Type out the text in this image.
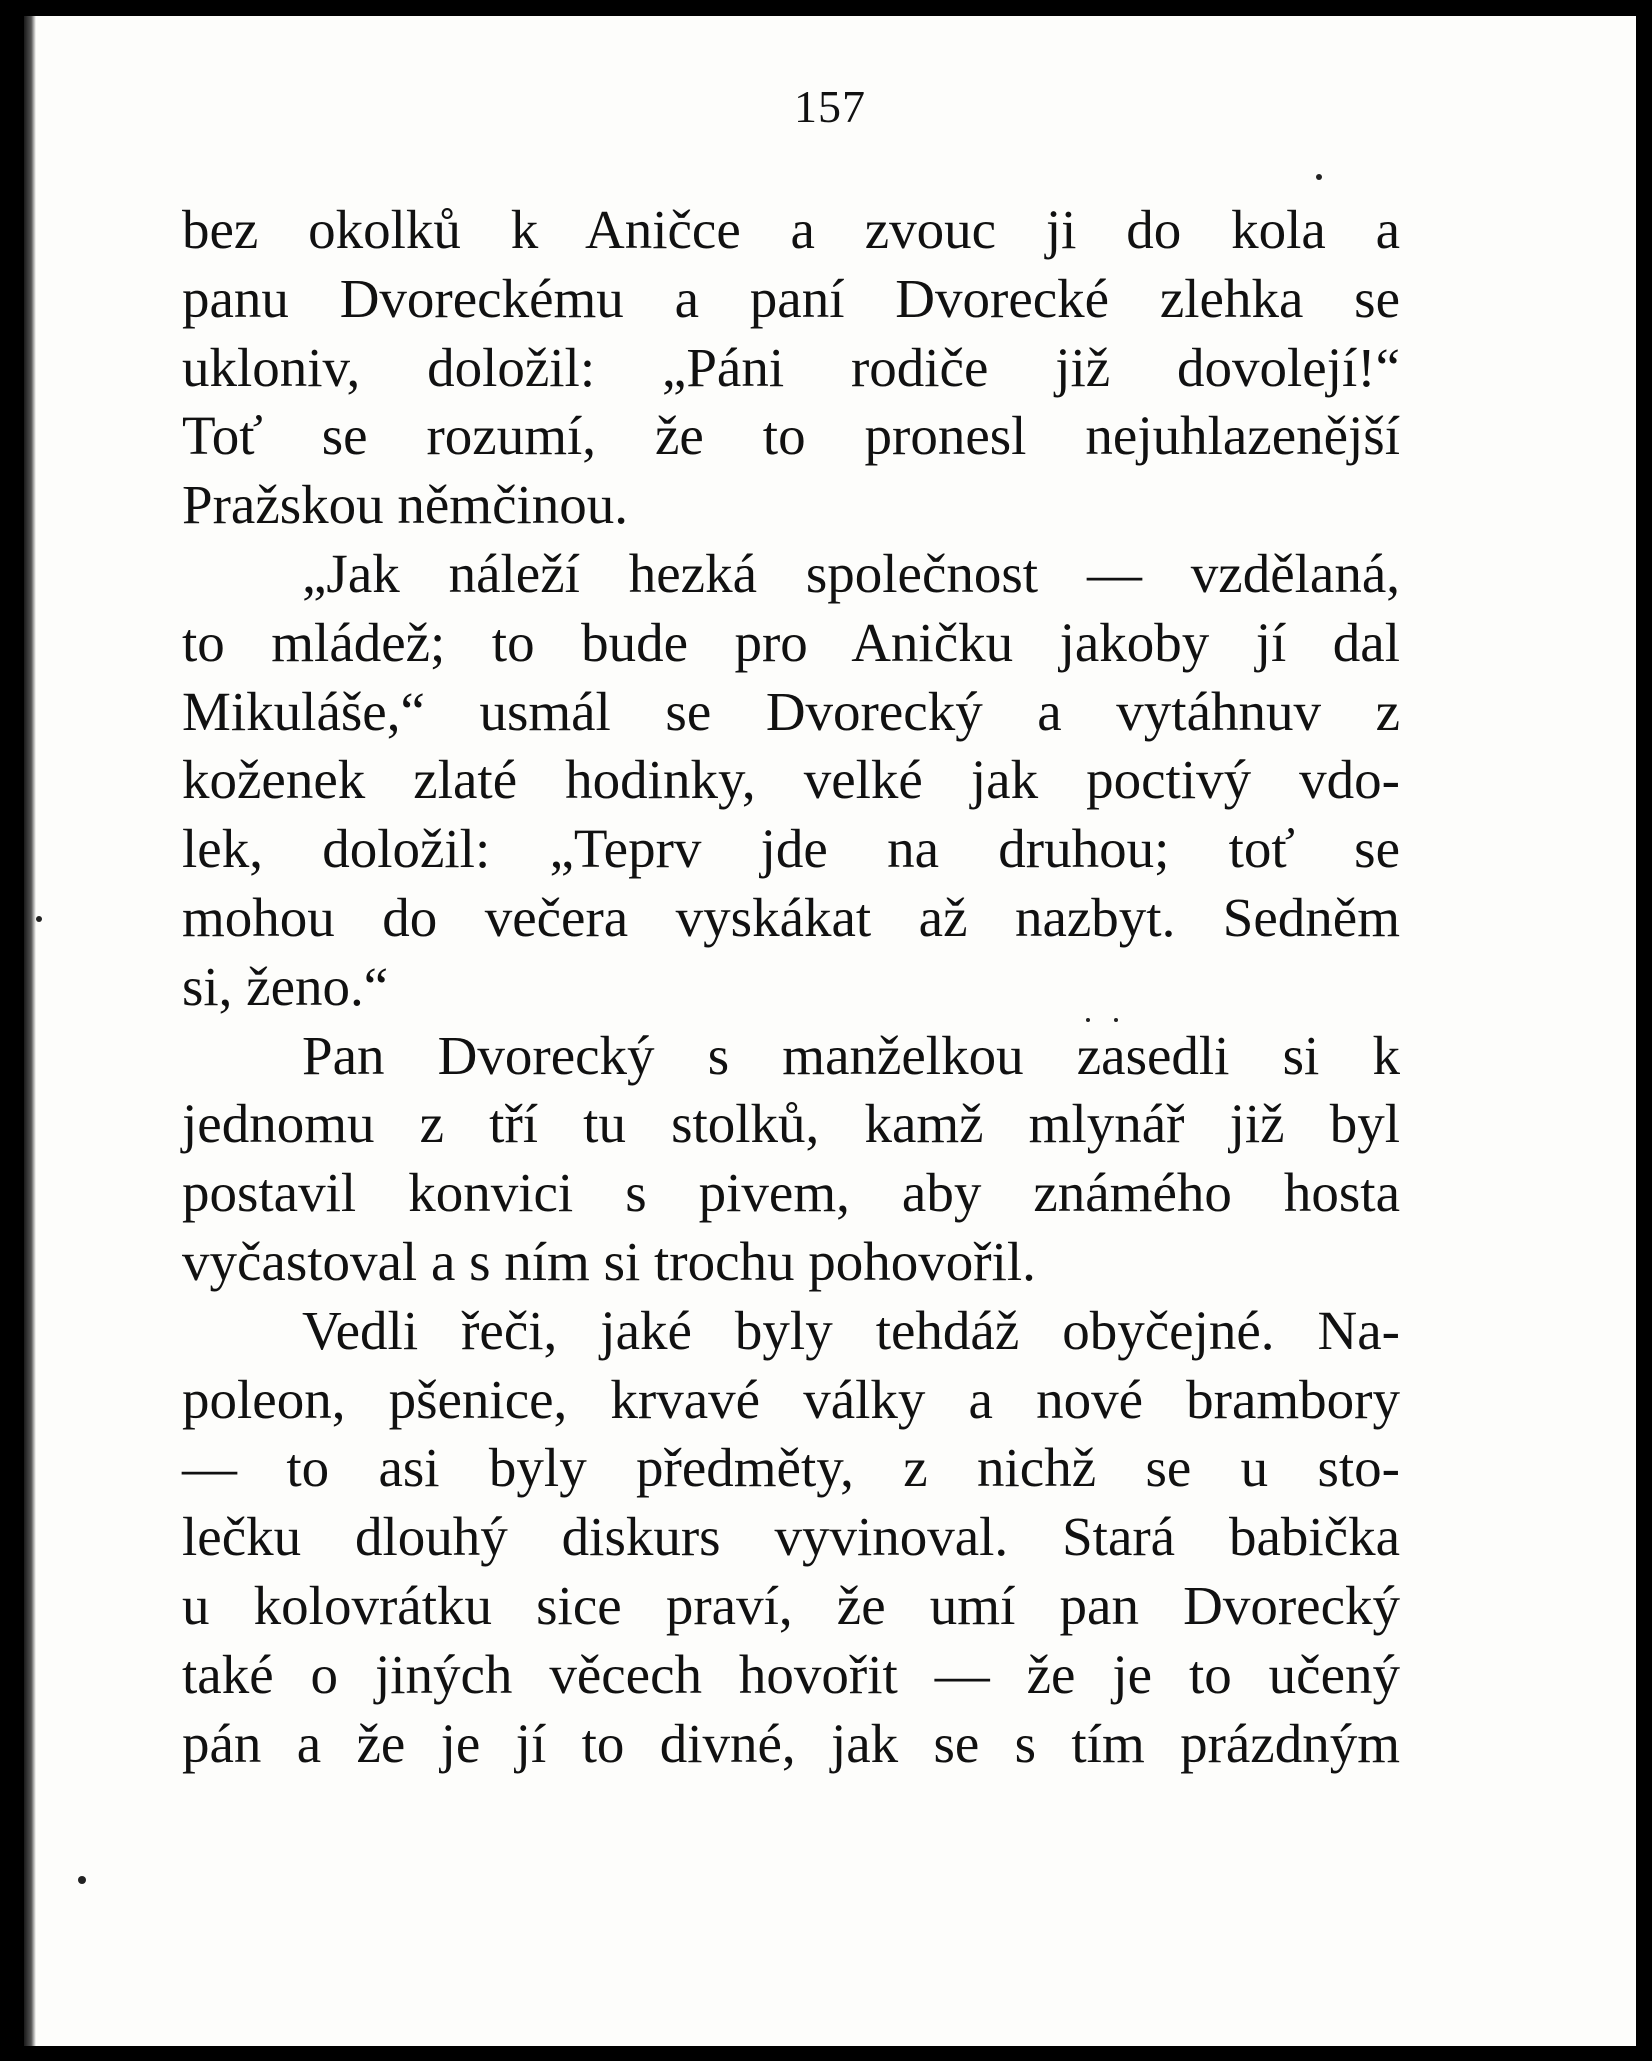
157
bez okolků k Aničce a zvouc ji do kola a
panu Dvoreckému a paní Dvorecké zlehka se
ukloniv, doložil: „Páni rodiče již dovolejí!“
Toť se rozumí, že to pronesl nejuhlazenější
Pražskou němčinou.
„Jak náleží hezká společnost — vzdělaná,
to mládež; to bude pro Aničku jakoby jí dal
Mikuláše,“ usmál se Dvorecký a vytáhnuv z
koženek zlaté hodinky, velké jak poctivý vdo-
lek, doložil: „Teprv jde na druhou; toť se
mohou do večera vyskákat až nazbyt. Sedněm
si, ženo.“
Pan Dvorecký s manželkou zasedli si k
jednomu z tří tu stolků, kamž mlynář již byl
postavil konvici s pivem, aby známého hosta
vyčastoval a s ním si trochu pohovořil.
Vedli řeči, jaké byly tehdáž obyčejné. Na-
poleon, pšenice, krvavé války a nové brambory
— to asi byly předměty, z nichž se u sto-
lečku dlouhý diskurs vyvinoval. Stará babička
u kolovrátku sice praví, že umí pan Dvorecký
také o jiných věcech hovořit — že je to učený
pán a že je jí to divné, jak se s tím prázdným
